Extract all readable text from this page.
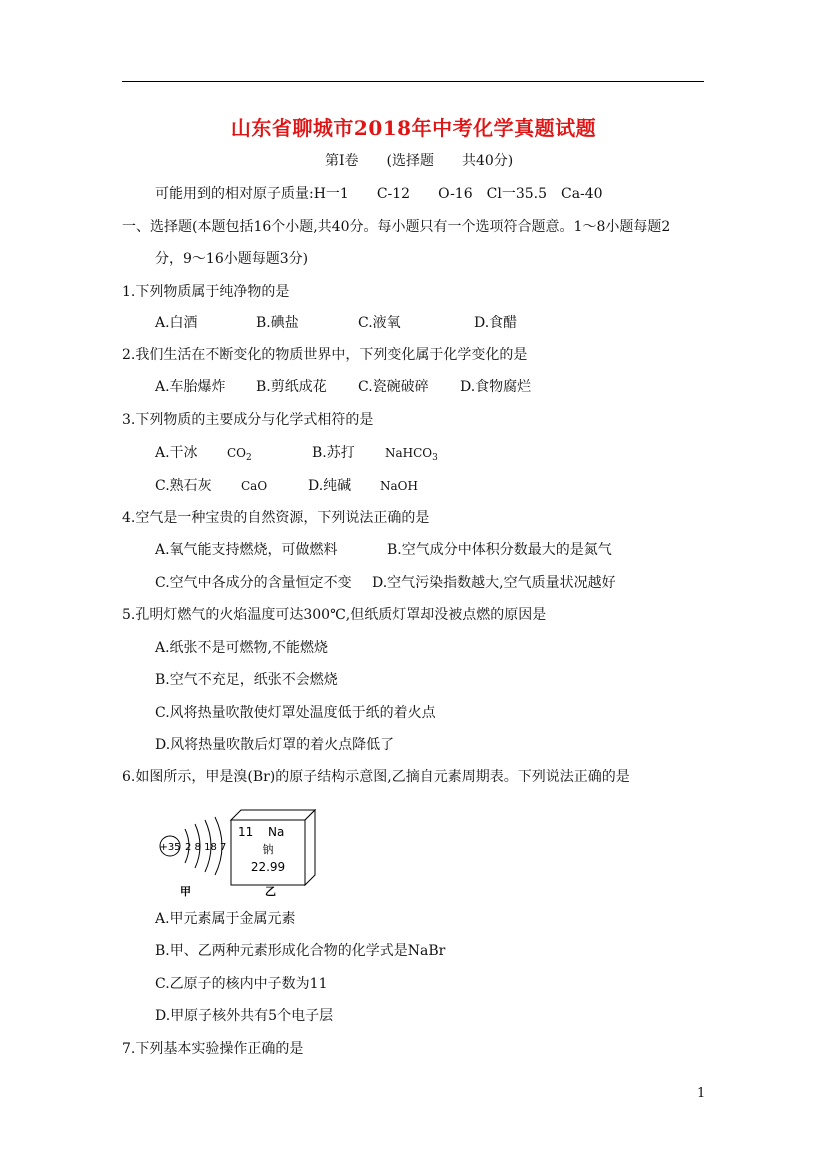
山东省聊城市2018年中考化学真题试题
第Ⅰ卷　　(选择题　　共40分)
可能用到的相对原子质量:H一1　　C-12　　O-16　Cl一35.5　Ca-40
一、选择题(本题包括16个小题,共40分。每小题只有一个选项符合题意。1～8小题每题2
分，9～16小题每题3分)
1.下列物质属于纯净物的是
A.白酒	B.碘盐	C.液氧	D.食醋
2.我们生活在不断变化的物质世界中，下列变化属于化学变化的是
A.车胎爆炸 B.剪纸成花 C.瓷碗破碎 D.食物腐烂
3.下列物质的主要成分与化学式相符的是
A.干冰 $CO_2$	B.苏打	NaHCO$_3$
C.熟石灰 CaO	D.纯碱 NaOH
4.空气是一种宝贵的自然资源，下列说法正确的是
A.氧气能支持燃烧，可做燃料	B.空气成分中体积分数最大的是氮气
C.空气中各成分的含量恒定不变 D.空气污染指数越大,空气质量状况越好
5.孔明灯燃气的火焰温度可达300℃,但纸质灯罩却没被点燃的原因是
A.纸张不是可燃物,不能燃烧
B.空气不充足，纸张不会燃烧
C.风将热量吹散使灯罩处温度低于纸的着火点
D.风将热量吹散后灯罩的着火点降低了
6.如图所示，甲是溴(Br)的原子结构示意图,乙摘自元素周期表。下列说法正确的是
+35 2 8 18 7
甲
11 Na
钠
22.99
乙
A.甲元素属于金属元素
B.甲、乙两种元素形成化合物的化学式是NaBr
C.乙原子的核内中子数为11
D.甲原子核外共有5个电子层
7.下列基本实验操作正确的是
1
